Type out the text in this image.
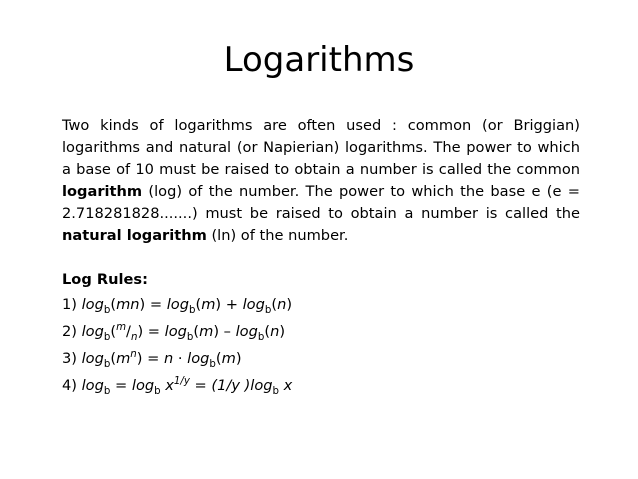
Logarithms

Two kinds of logarithms are often used : common (or Briggian) logarithms and natural (or Napierian) logarithms. The power to which a base of 10 must be raised to obtain a number is called the common logarithm (log) of the number. The power to which the base e (e = 2.718281828.......) must be raised to obtain a number is called the natural logarithm (ln) of the number.

Log Rules:

1) $\log_b(mn) = \log_b(m) + \log_b(n)$

2) $\log_b(^m/_n) = \log_b(m) - \log_b(n)$

3) $\log_b(m^n) = n \cdot \log_b(m)$

4) $\log_b = \log_b x^{1/y} = (1/y$ )$\log_b$ x
